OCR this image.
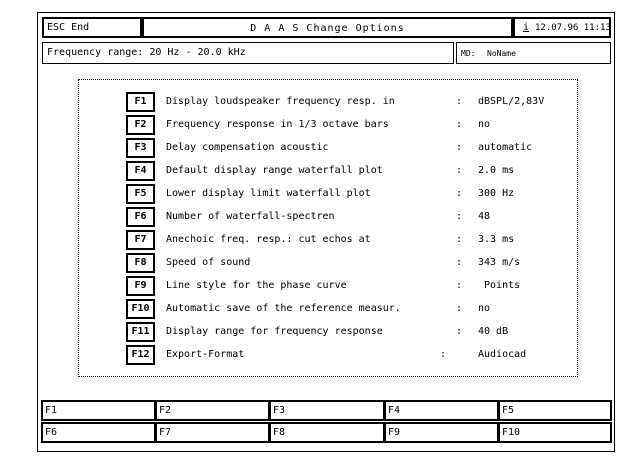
ESC End	D A A S Change Options	i 12.07.96 11:13
Frequency range: 20 Hz - 20.0 kHz	MD: NoName
F1	Display loudspeaker frequency resp. in	: dBSPL/2,83V
F2	Frequency response in 1/3 octave bars	: no
F3	Delay compensation acoustic	: automatic
F4	Default display range waterfall plot	: 2.0 ms
F5	Lower display limit waterfall plot	: 300 Hz
F6	Number of waterfall-spectren	: 48
F7	Anechoic freq. resp.: cut echos at	: 3.3 ms
F8	Speed of sound	: 343 m/s
F9	Line style for the phase curve	: Points
F10	Automatic save of the reference measur.	: no
F11	Display range for frequency response	: 40 dB
F12	Export-Format	:	Audiocad
F1	F2	F3	F4	F5
F6	F7	F8	F9	F10
